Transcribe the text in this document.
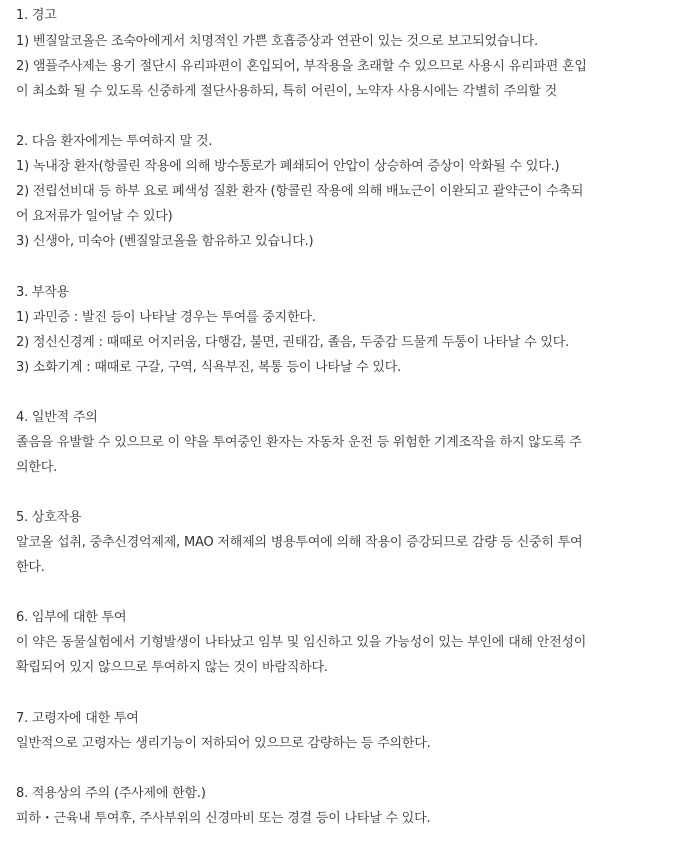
1. 경고
1) 벤질알코올은 조숙아에게서 치명적인 가쁜 호흡증상과 연관이 있는 것으로 보고되었습니다.
2) 앰플주사제는 용기 절단시 유리파편이 혼입되어, 부작용을 초래할 수 있으므로 사용시 유리파편 혼입
이 최소화 될 수 있도록 신중하게 절단사용하되, 특히 어린이, 노약자 사용시에는 각별히 주의할 것
2. 다음 환자에게는 투여하지 말 것.
1) 녹내장 환자(항콜린 작용에 의해 방수통로가 폐쇄되어 안압이 상승하여 증상이 악화될 수 있다.)
2) 전립선비대 등 하부 요로 폐색성 질환 환자 (항콜린 작용에 의해 배뇨근이 이완되고 괄약근이 수축되
어 요저류가 일어날 수 있다)
3) 신생아, 미숙아 (벤질알코올을 함유하고 있습니다.)
3. 부작용
1) 과민증 : 발진 등이 나타날 경우는 투여를 중지한다.
2) 정신신경계 : 때때로 어지러움, 다행감, 불면, 권태감, 졸음, 두중감 드물게 두통이 나타날 수 있다.
3) 소화기계 : 때때로 구갈, 구역, 식욕부진, 복통 등이 나타날 수 있다.
4. 일반적 주의
졸음을 유발할 수 있으므로 이 약을 투여중인 환자는 자동차 운전 등 위험한 기계조작을 하지 않도록 주
의한다.
5. 상호작용
알코올 섭취, 중추신경억제제, MAO 저해제의 병용투여에 의해 작용이 증강되므로 감량 등 신중히 투여
한다.
6. 임부에 대한 투여
이 약은 동물실험에서 기형발생이 나타났고 임부 및 임신하고 있을 가능성이 있는 부인에 대해 안전성이
확립되어 있지 않으므로 투여하지 않는 것이 바람직하다.
7. 고령자에 대한 투여
일반적으로 고령자는 생리기능이 저하되어 있으므로 감량하는 등 주의한다.
8. 적용상의 주의 (주사제에 한함.)
피하・근육내 투여후, 주사부위의 신경마비 또는 경결 등이 나타날 수 있다.
